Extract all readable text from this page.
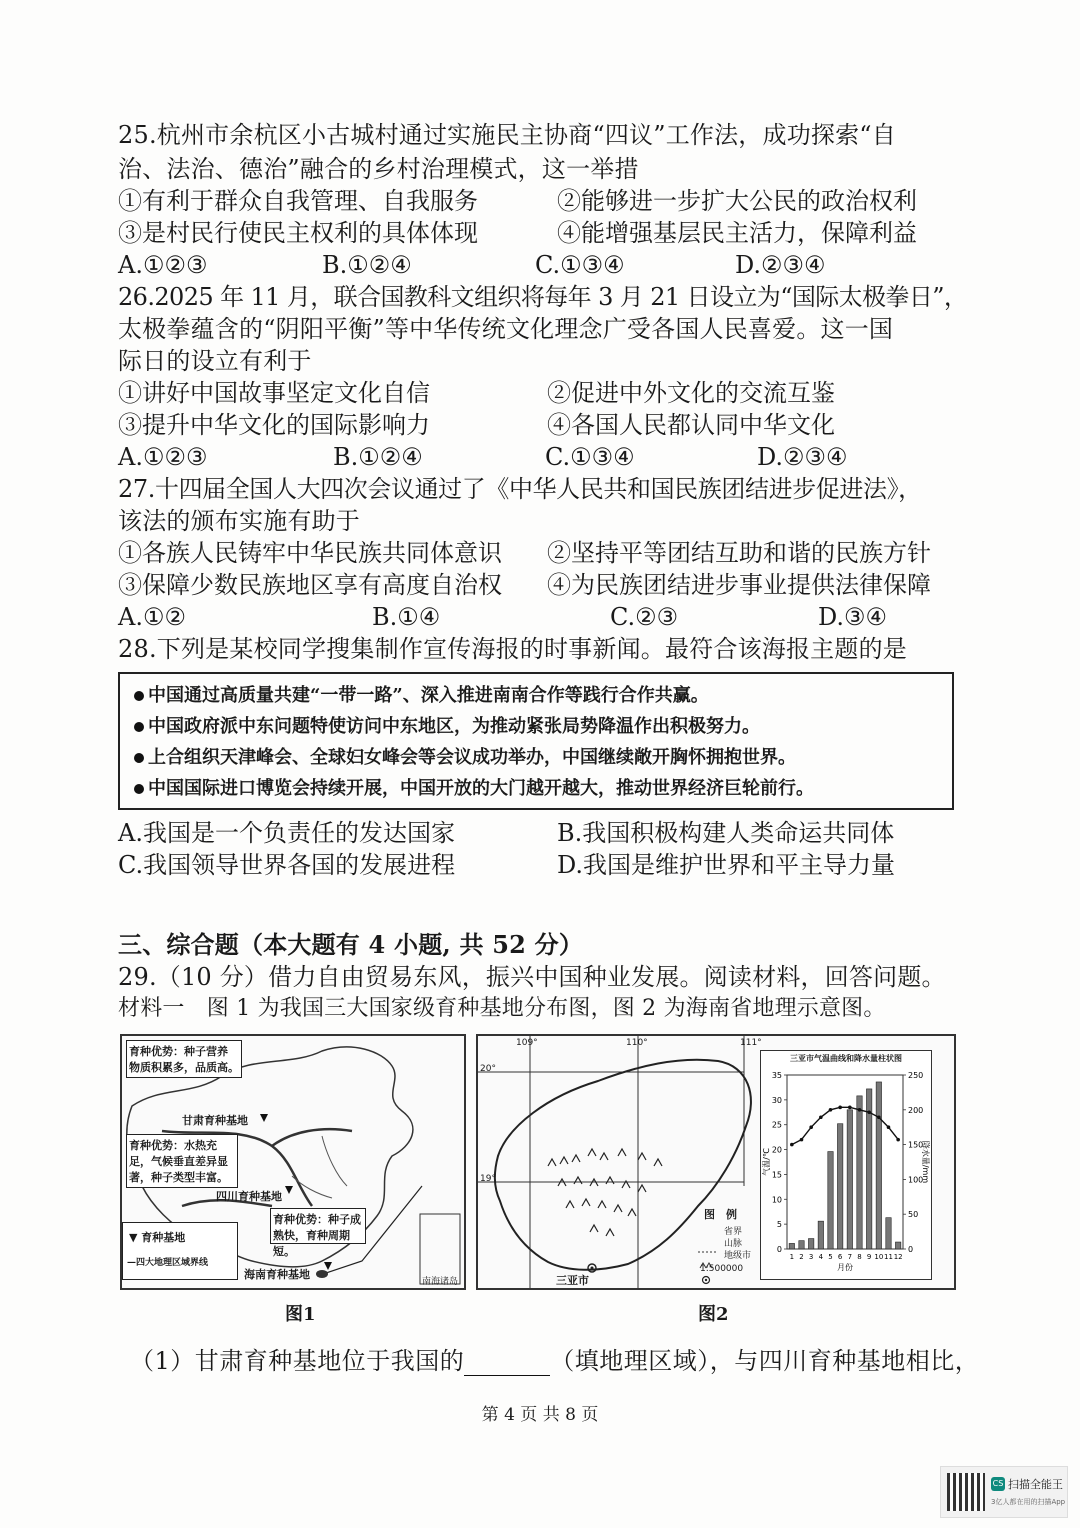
25.杭州市余杭区小古城村通过实施民主协商“四议”工作法，成功探索“自
治、法治、德治”融合的乡村治理模式，这一举措
①有利于群众自我管理、自我服务	②能够进一步扩大公民的政治权利
③是村民行使民主权利的具体体现	④能增强基层民主活力，保障利益
A.①②③	B.①②④	C.①③④	D.②③④
26.2025 年 11 月，联合国教科文组织将每年 3 月 21 日设立为“国际太极拳日”，
太极拳蕴含的“阴阳平衡”等中华传统文化理念广受各国人民喜爱。这一国
际日的设立有利于
①讲好中国故事坚定文化自信	②促进中外文化的交流互鉴
③提升中华文化的国际影响力	④各国人民都认同中华文化
A.①②③	B.①②④	C.①③④	D.②③④
27.十四届全国人大四次会议通过了《中华人民共和国民族团结进步促进法》，
该法的颁布实施有助于
①各族人民铸牢中华民族共同体意识 ②坚持平等团结互助和谐的民族方针
③保障少数民族地区享有高度自治权 ④为民族团结进步事业提供法律保障
A.①②	B.①④	C.②③	D.③④
28.下列是某校同学搜集制作宣传海报的时事新闻。最符合该海报主题的是
中国通过高质量共建“一带一路”、深入推进南南合作等践行合作共赢。
中国政府派中东问题特使访问中东地区，为推动紧张局势降温作出积极努力。
上合组织天津峰会、全球妇女峰会等会议成功举办，中国继续敞开胸怀拥抱世界。
中国国际进口博览会持续开展，中国开放的大门越开越大，推动世界经济巨轮前行。
A.我国是一个负责任的发达国家	B.我国积极构建人类命运共同体
C.我国领导世界各国的发展进程	D.我国是维护世界和平主导力量
三、综合题（本大题有 4 小题, 共 52 分）
29.（10 分）借力自由贸易东风，振兴中国种业发展。阅读材料，回答问题。
材料一　图 1 为我国三大国家级育种基地分布图，图 2 为海南省地理示意图。
育种优势：种子营养
物质积累多，品质高。
甘肃育种基地
育种优势：水热充
足，气候垂直差异显
著，种子类型丰富。
四川育种基地
育种优势：种子成
熟快，育种周期短。
▼ 育种基地
—四大地理区域界线
海南育种基地
南海诸岛
图1
109°	110°	111°
20°
19°
图　例
省界
山脉
地级市
1:500000
三亚市
三亚市气温曲线和降水量柱状图
0
5
10
15
20
25
30
35
0
50
100
150
200
250
1 2 3 4 5 6 7 8 9 10 11 12
月份
气温/℃	降水量/mm
图2
（1）甘肃育种基地位于我国的	（填地理区域），与四川育种基地相比，
第 4 页 共 8 页
CS 扫描全能王
3亿人都在用的扫描App
